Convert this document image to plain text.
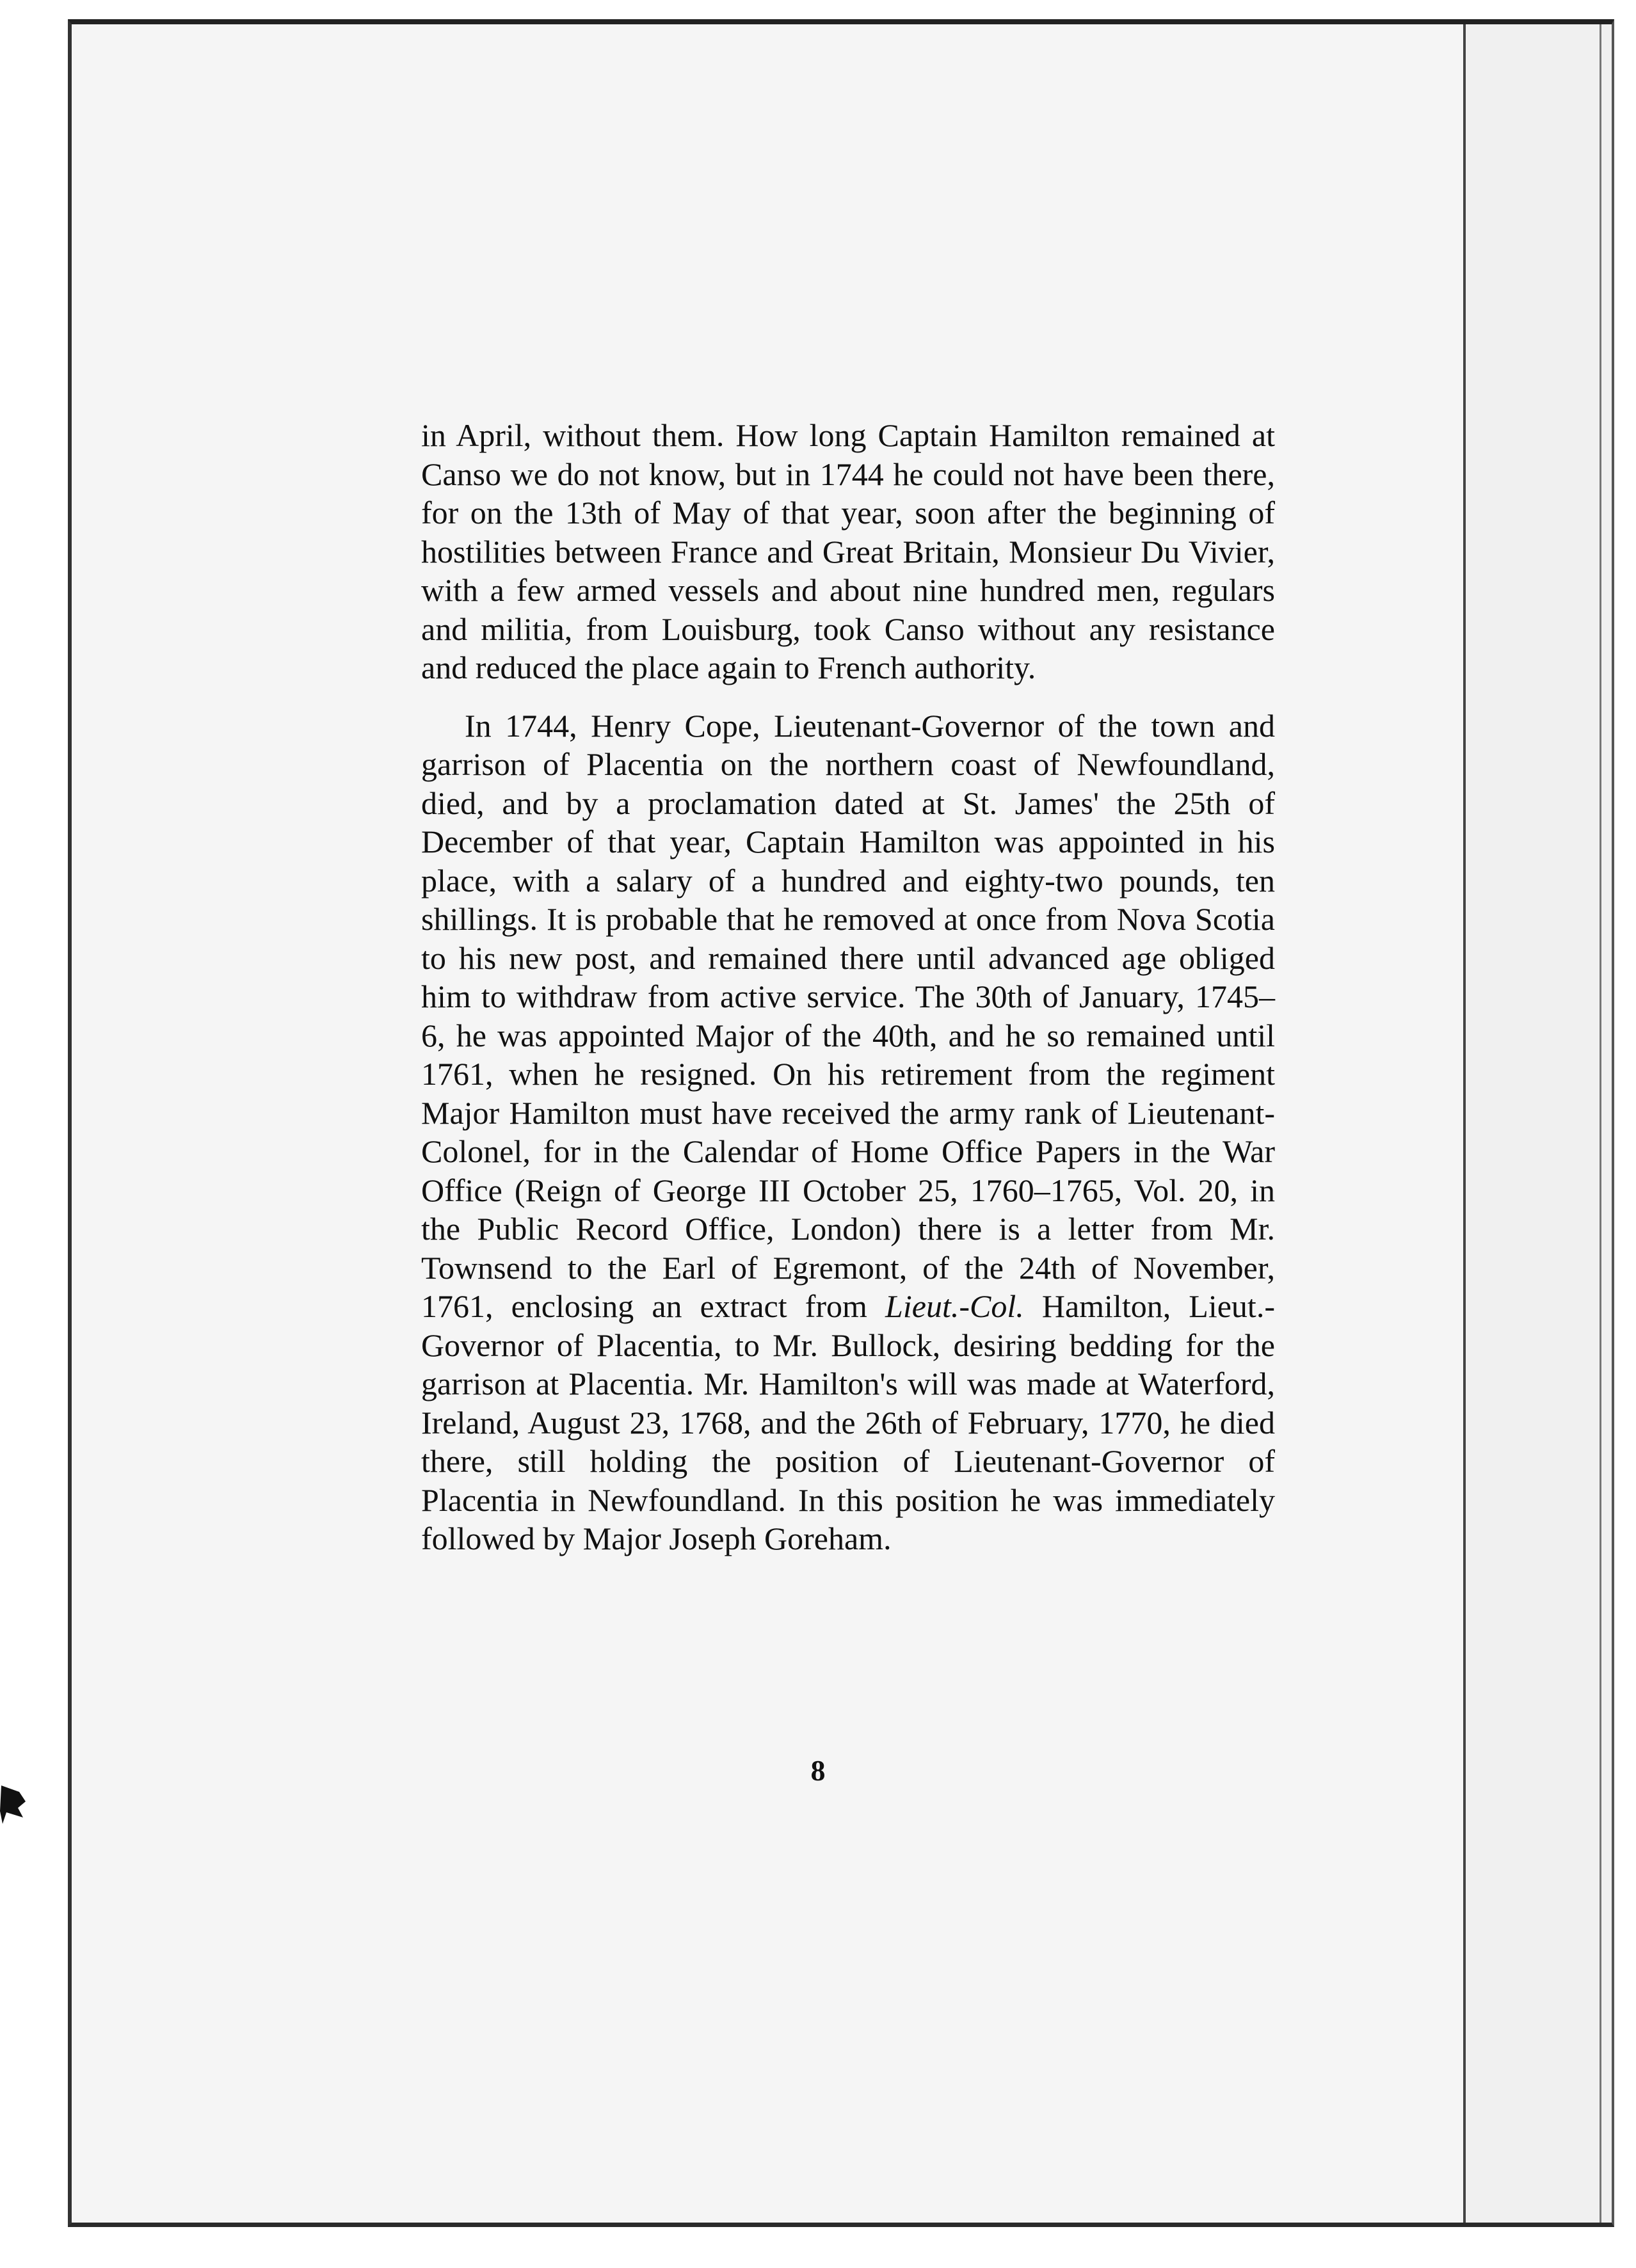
in April, without them. How long Captain Hamilton remained at Canso we do not know, but in 1744 he could not have been there, for on the 13th of May of that year, soon after the beginning of hostilities between France and Great Britain, Monsieur Du Vivier, with a few armed vessels and about nine hundred men, regulars and militia, from Louisburg, took Canso without any resistance and reduced the place again to French authority.

In 1744, Henry Cope, Lieutenant-Governor of the town and garrison of Placentia on the northern coast of Newfoundland, died, and by a proclamation dated at St. James' the 25th of December of that year, Captain Hamilton was appointed in his place, with a salary of a hundred and eighty-two pounds, ten shillings. It is probable that he removed at once from Nova Scotia to his new post, and remained there until advanced age obliged him to withdraw from active service. The 30th of January, 1745–6, he was appointed Major of the 40th, and he so remained until 1761, when he resigned. On his retirement from the regiment Major Hamilton must have received the army rank of Lieutenant-Colonel, for in the Calendar of Home Office Papers in the War Office (Reign of George III October 25, 1760–1765, Vol. 20, in the Public Record Office, London) there is a letter from Mr. Townsend to the Earl of Egremont, of the 24th of November, 1761, enclosing an extract from Lieut.-Col. Hamilton, Lieut.-Governor of Placentia, to Mr. Bullock, desiring bedding for the garrison at Placentia. Mr. Hamilton's will was made at Waterford, Ireland, August 23, 1768, and the 26th of February, 1770, he died there, still holding the position of Lieutenant-Governor of Placentia in Newfoundland. In this position he was immediately followed by Major Joseph Goreham.

8
